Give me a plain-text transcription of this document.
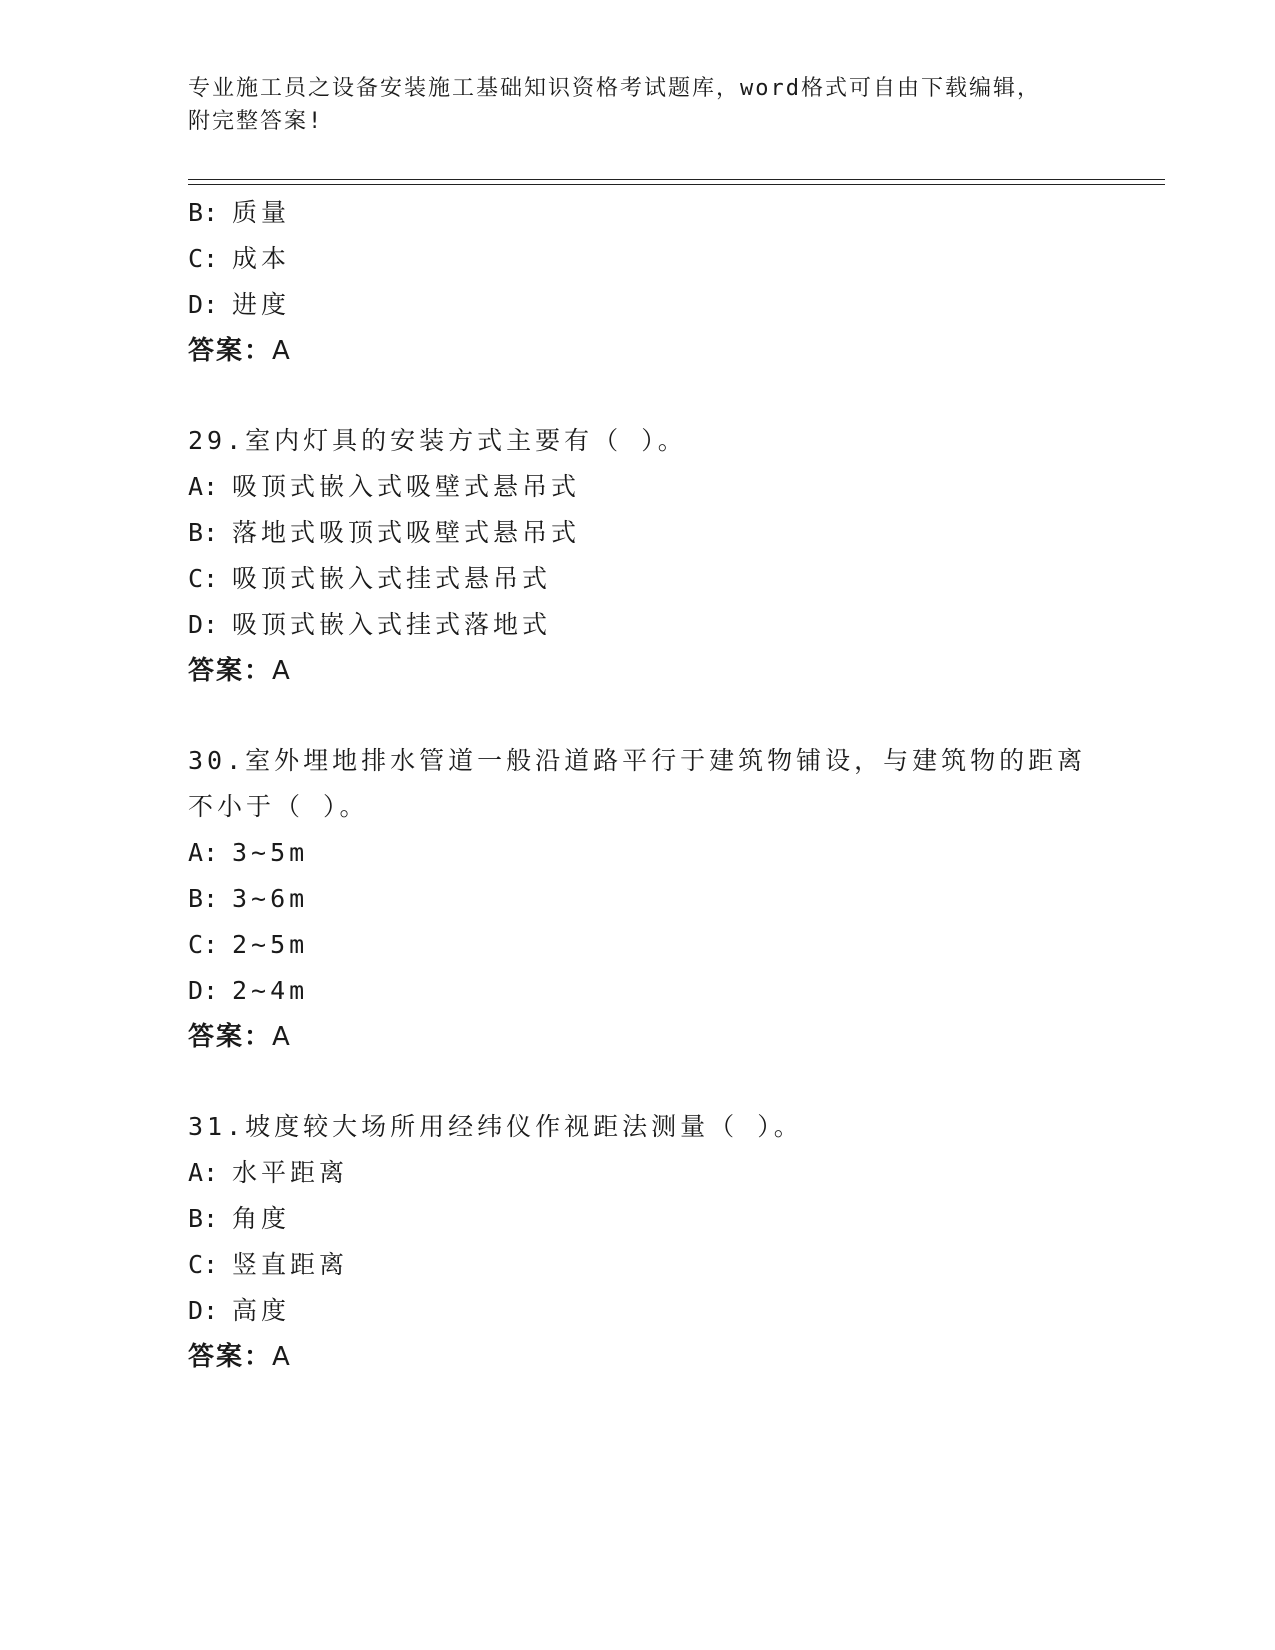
专业施工员之设备安装施工基础知识资格考试题库，word格式可自由下载编辑，
附完整答案!
B: 质量
C: 成本
D: 进度
答案：A
29.室内灯具的安装方式主要有（ ）。
A: 吸顶式嵌入式吸壁式悬吊式
B: 落地式吸顶式吸壁式悬吊式
C: 吸顶式嵌入式挂式悬吊式
D: 吸顶式嵌入式挂式落地式
答案：A
30.室外埋地排水管道一般沿道路平行于建筑物铺设，与建筑物的距离
不小于（ ）。
A: 3~5m
B: 3~6m
C: 2~5m
D: 2~4m
答案：A
31.坡度较大场所用经纬仪作视距法测量（ ）。
A: 水平距离
B: 角度
C: 竖直距离
D: 高度
答案：A
